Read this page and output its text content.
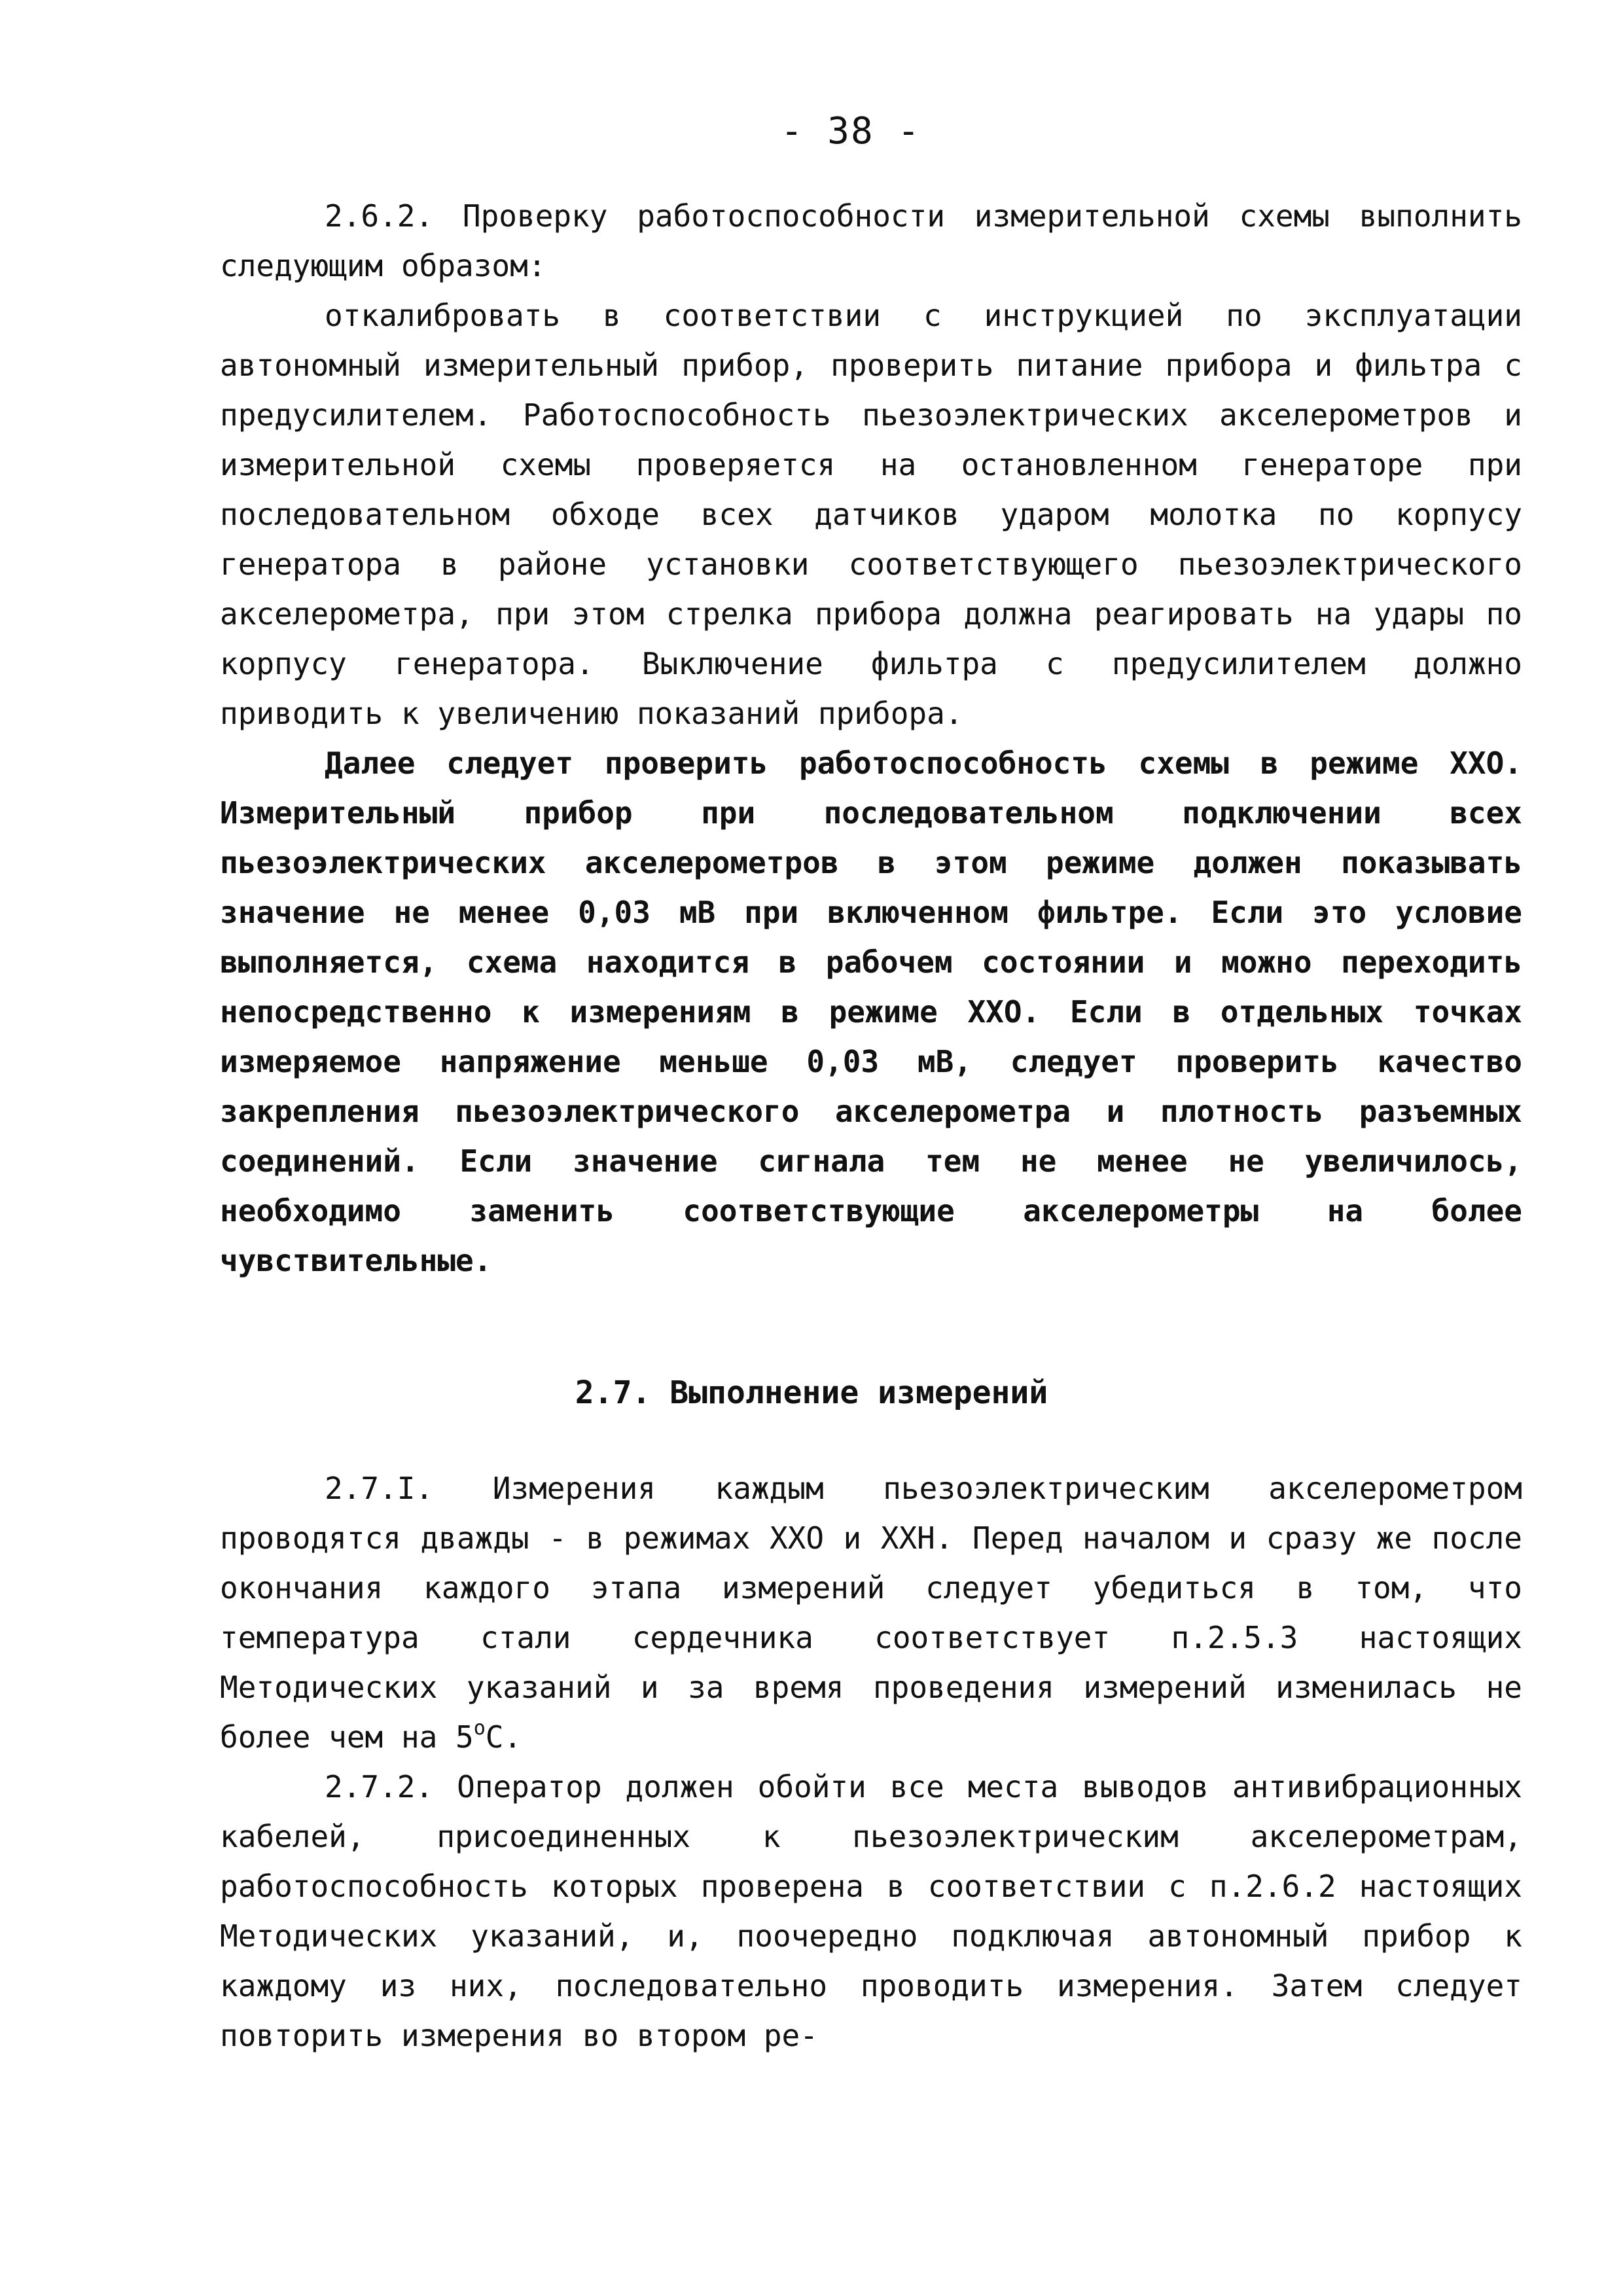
- 38 -

2.6.2. Проверку работоспособности измерительной схемы выполнить следующим образом:

откалибровать в соответствии с инструкцией по эксплуатации автономный измерительный прибор, проверить питание прибора и фильтра с предусилителем. Работоспособность пьезоэлектрических акселерометров и измерительной схемы проверяется на остановленном генераторе при последовательном обходе всех датчиков ударом молотка по корпусу генератора в районе установки соответствующего пьезоэлектрического акселерометра, при этом стрелка прибора должна реагировать на удары по корпусу генератора. Выключение фильтра с предусилителем должно приводить к увеличению показаний прибора.

Далее следует проверить работоспособность схемы в режиме XXО. Измерительный прибор при последовательном подключении всех пьезоэлектрических акселерометров в этом режиме должен показывать значение не менее 0,03 мВ при включенном фильтре. Если это условие выполняется, схема находится в рабочем состоянии и можно переходить непосредственно к измерениям в режиме XXО. Если в отдельных точках измеряемое напряжение меньше 0,03 мВ, следует проверить качество закрепления пьезоэлектрического акселерометра и плотность разъемных соединений. Если значение сигнала тем не менее не увеличилось, необходимо заменить соответствующие акселерометры на более чувствительные.

2.7. Выполнение измерений

2.7.I. Измерения каждым пьезоэлектрическим акселерометром проводятся дважды - в режимах XXО и XXН. Перед началом и сразу же после окончания каждого этапа измерений следует убедиться в том, что температура стали сердечника соответствует п.2.5.3 настоящих Методических указаний и за время проведения измерений изменилась не более чем на $5^оС$.

2.7.2. Оператор должен обойти все места выводов антивибрационных кабелей, присоединенных к пьезоэлектрическим акселерометрам, работоспособность которых проверена в соответствии с п.2.6.2 настоящих Методических указаний, и, поочередно подключая автономный прибор к каждому из них, последовательно проводить измерения. Затем следует повторить измерения во втором ре-
